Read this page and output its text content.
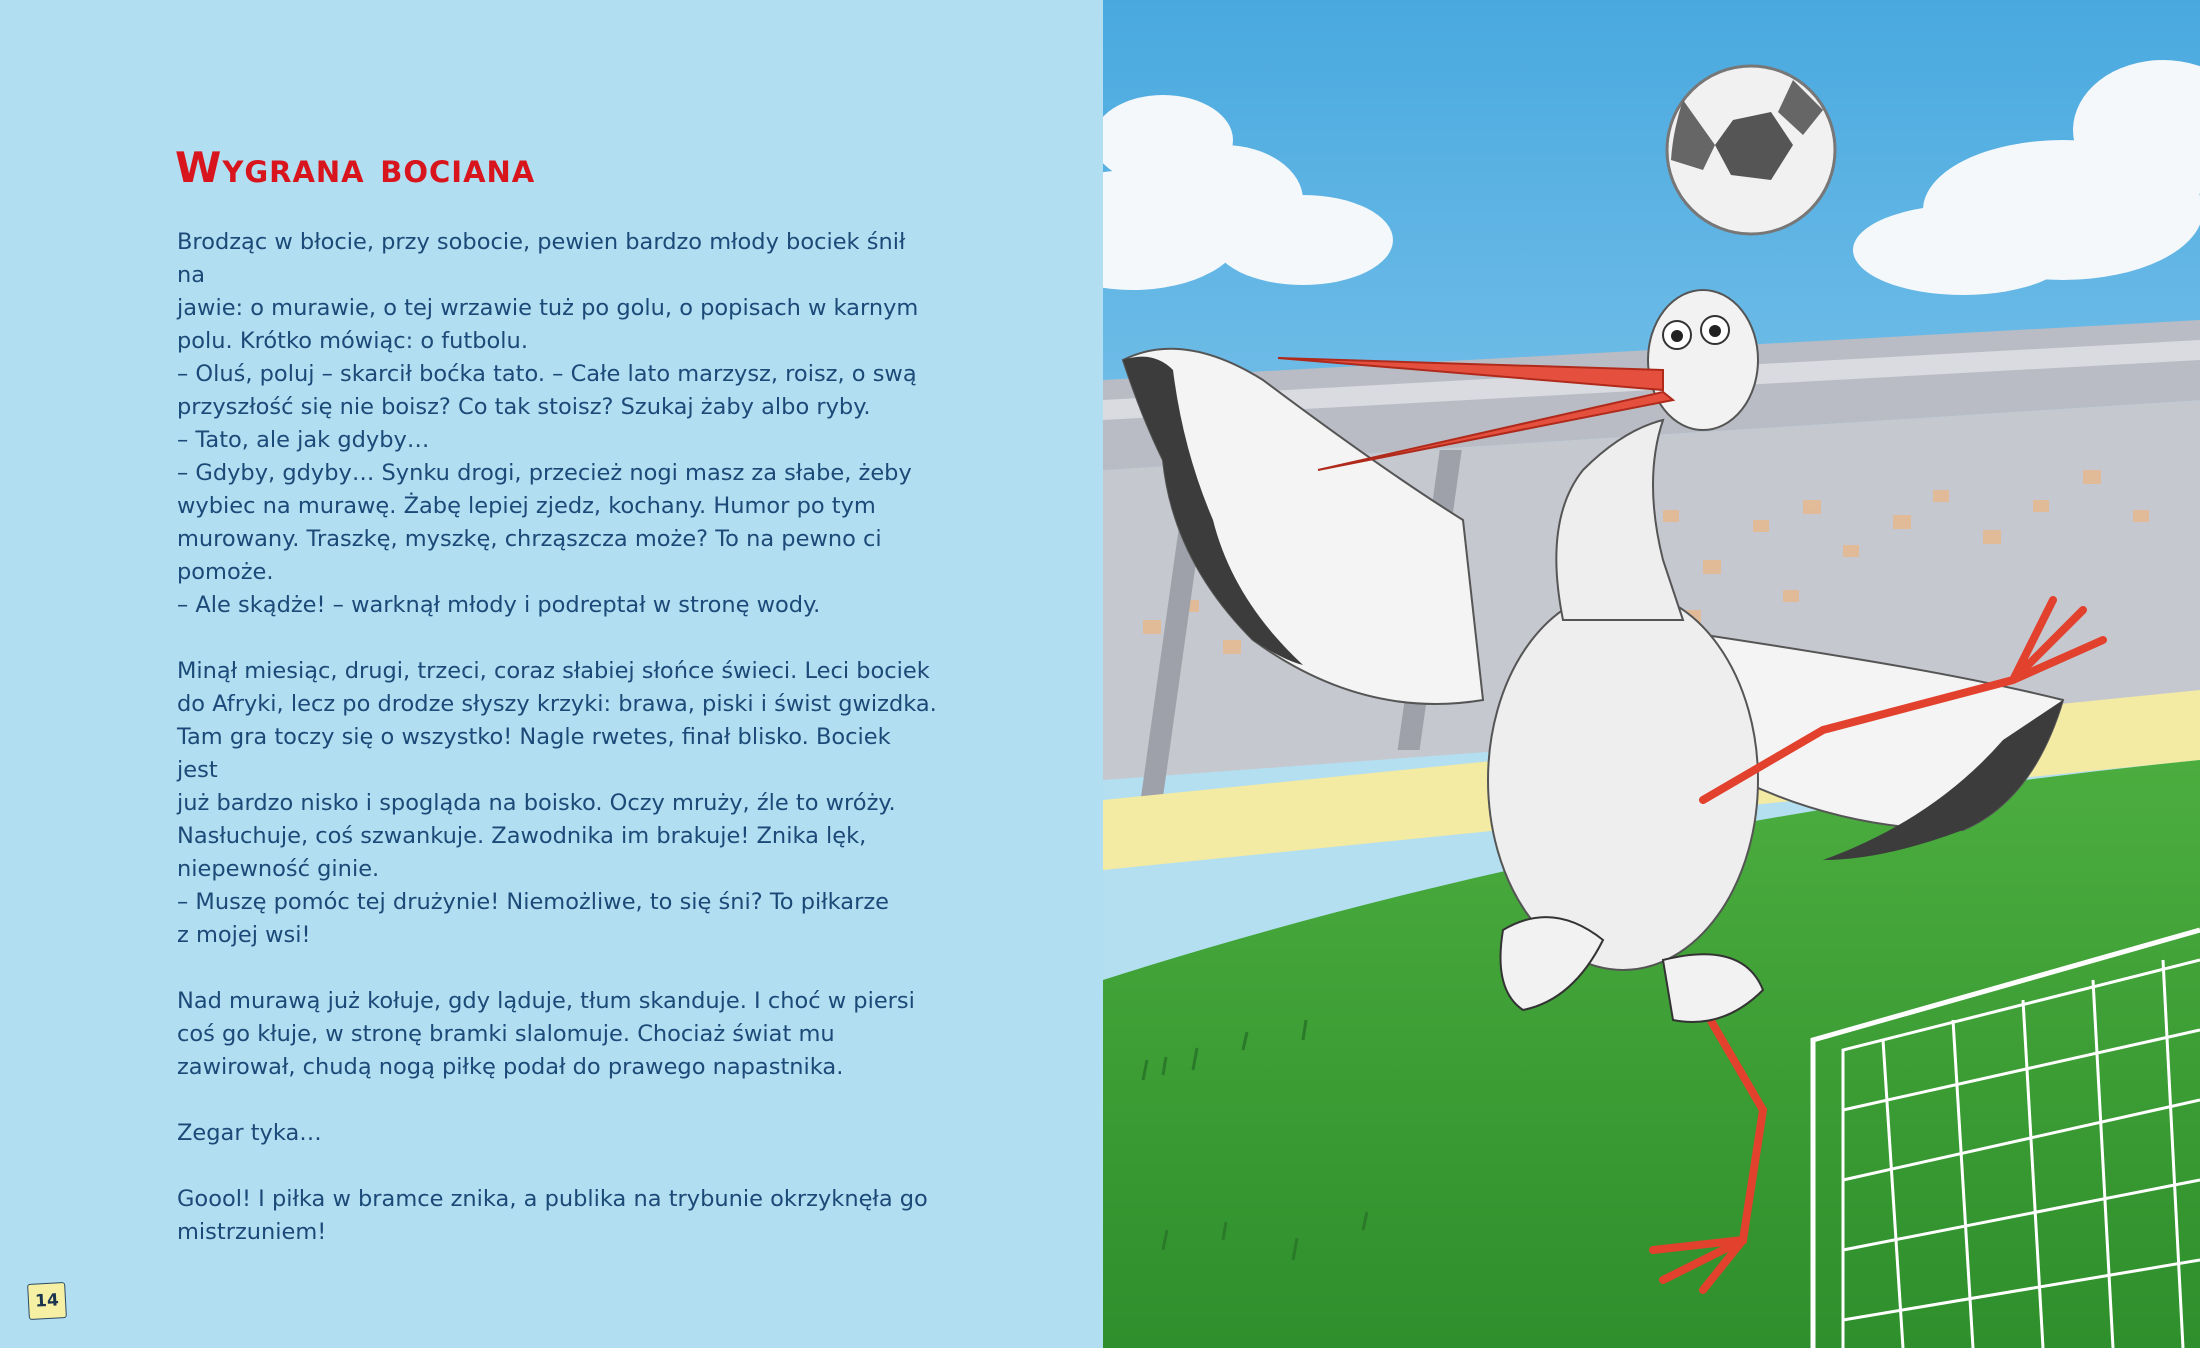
Wygrana bociana

Brodząc w błocie, przy sobocie, pewien bardzo młody bociek śnił na

jawie: o murawie, o tej wrzawie tuż po golu, o popisach w karnym

polu. Krótko mówiąc: o futbolu.

– Oluś, poluj – skarcił boćka tato. – Całe lato marzysz, roisz, o swą

przyszłość się nie boisz? Co tak stoisz? Szukaj żaby albo ryby.

– Tato, ale jak gdyby…

– Gdyby, gdyby… Synku drogi, przecież nogi masz za słabe, żeby

wybiec na murawę. Żabę lepiej zjedz, kochany. Humor po tym

murowany. Traszkę, myszkę, chrząszcza może? To na pewno ci

pomoże.

– Ale skądże! – warknął młody i podreptał w stronę wody.

Minął miesiąc, drugi, trzeci, coraz słabiej słońce świeci. Leci bociek

do Afryki, lecz po drodze słyszy krzyki: brawa, piski i świst gwizdka.

Tam gra toczy się o wszystko! Nagle rwetes, finał blisko. Bociek jest

już bardzo nisko i spogląda na boisko. Oczy mruży, źle to wróży.

Nasłuchuje, coś szwankuje. Zawodnika im brakuje! Znika lęk,

niepewność ginie.

– Muszę pomóc tej drużynie! Niemożliwe, to się śni? To piłkarze

z mojej wsi!

Nad murawą już kołuje, gdy ląduje, tłum skanduje. I choć w piersi

coś go kłuje, w stronę bramki slalomuje. Chociaż świat mu

zawirował, chudą nogą piłkę podał do prawego napastnika.

Zegar tyka…

Goool! I piłka w bramce znika, a publika na trybunie okrzyknęła go

mistrzuniem!

14
